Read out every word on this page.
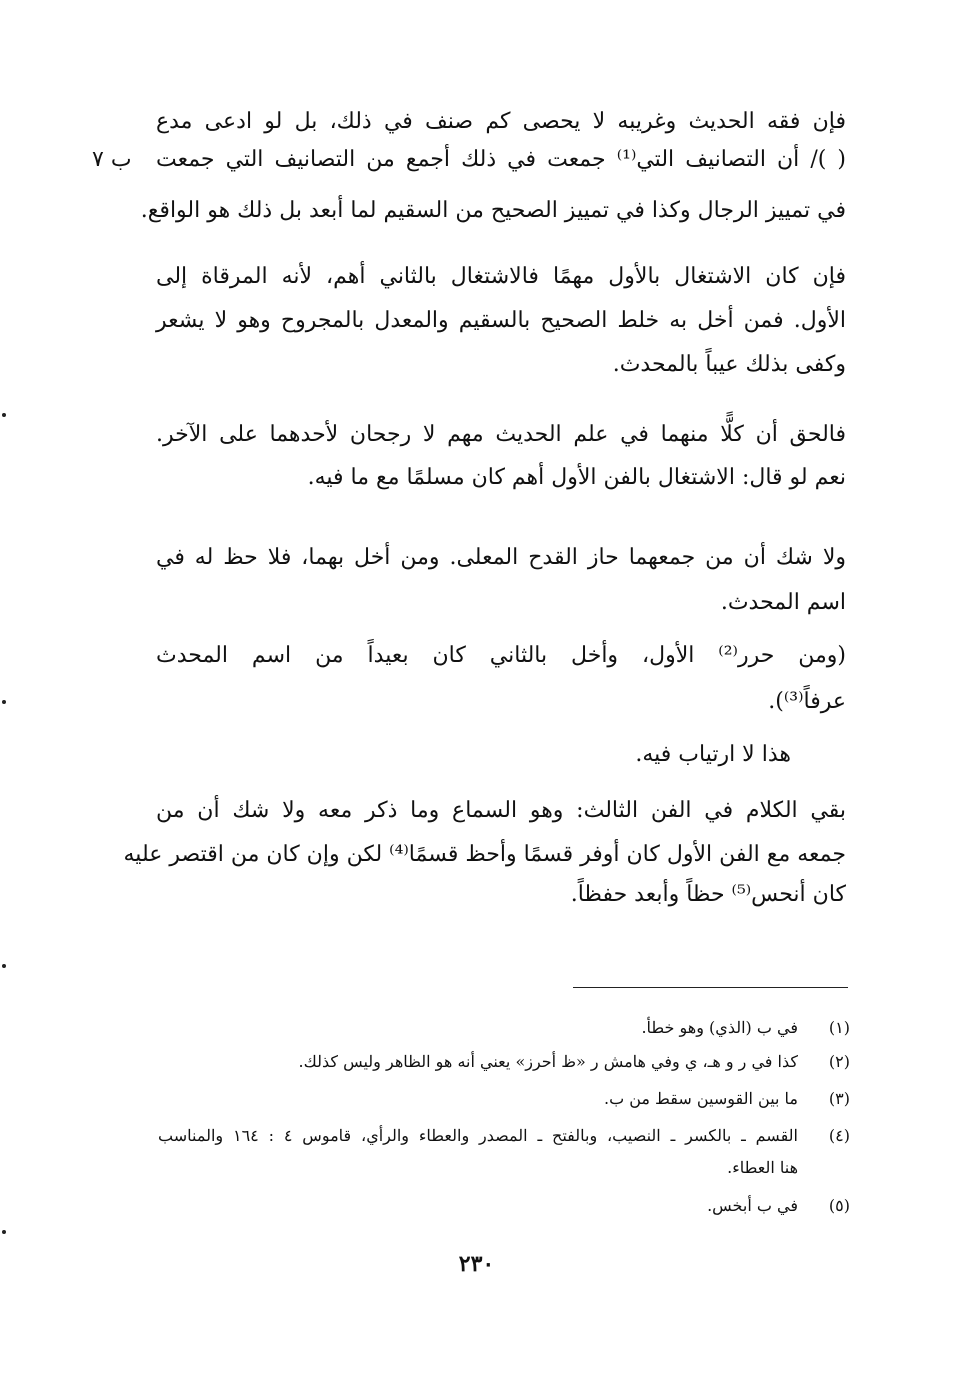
ب ٧
فإن فقه الحديث وغريبه لا يحصى كم صنف في ذلك، بل لو ادعى مدع
( )/ أن التصانيف التي⁽¹⁾ جمعت في ذلك أجمع من التصانيف التي جمعت
في تمييز الرجال وكذا في تمييز الصحيح من السقيم لما أبعد بل ذلك هو الواقع.
فإن كان الاشتغال بالأول مهمًا فالاشتغال بالثاني أهم، لأنه المرقاة إلى
الأول. فمن أخل به خلط الصحيح بالسقيم والمعدل بالمجروح وهو لا يشعر
وكفى بذلك عيباً بالمحدث.
فالحق أن كلًّا منهما في علم الحديث مهم لا رجحان لأحدهما على الآخر.
نعم لو قال: الاشتغال بالفن الأول أهم كان مسلمًا مع ما فيه.
ولا شك أن من جمعهما حاز القدح المعلى. ومن أخل بهما، فلا حظ له في
اسم المحدث.
(ومن حرر⁽²⁾ الأول، وأخل بالثاني كان بعيداً من اسم المحدث
عرفاً⁽³⁾).
هذا لا ارتياب فيه.
بقي الكلام في الفن الثالث: وهو السماع وما ذكر معه ولا شك أن من
جمعه مع الفن الأول كان أوفر قسمًا وأحظ قسمًا⁽⁴⁾ لكن وإن كان من اقتصر عليه
كان أنحس⁽⁵⁾ حظاً وأبعد حفظاً.
(١)
في ب (الذي) وهو خطأ.
(٢)
كذا في ر و هـ، ي وفي هامش ر «ظ أحرز» يعني أنه هو الظاهر وليس كذلك.
(٣)
ما بين القوسين سقط من ب.
(٤)
القسم ـ بالكسر ـ النصيب، وبالفتح ـ المصدر والعطاء والرأي، قاموس ٤ : ١٦٤ والمناسب
هنا العطاء.
(٥)
في ب أبخس.
٢٣٠
